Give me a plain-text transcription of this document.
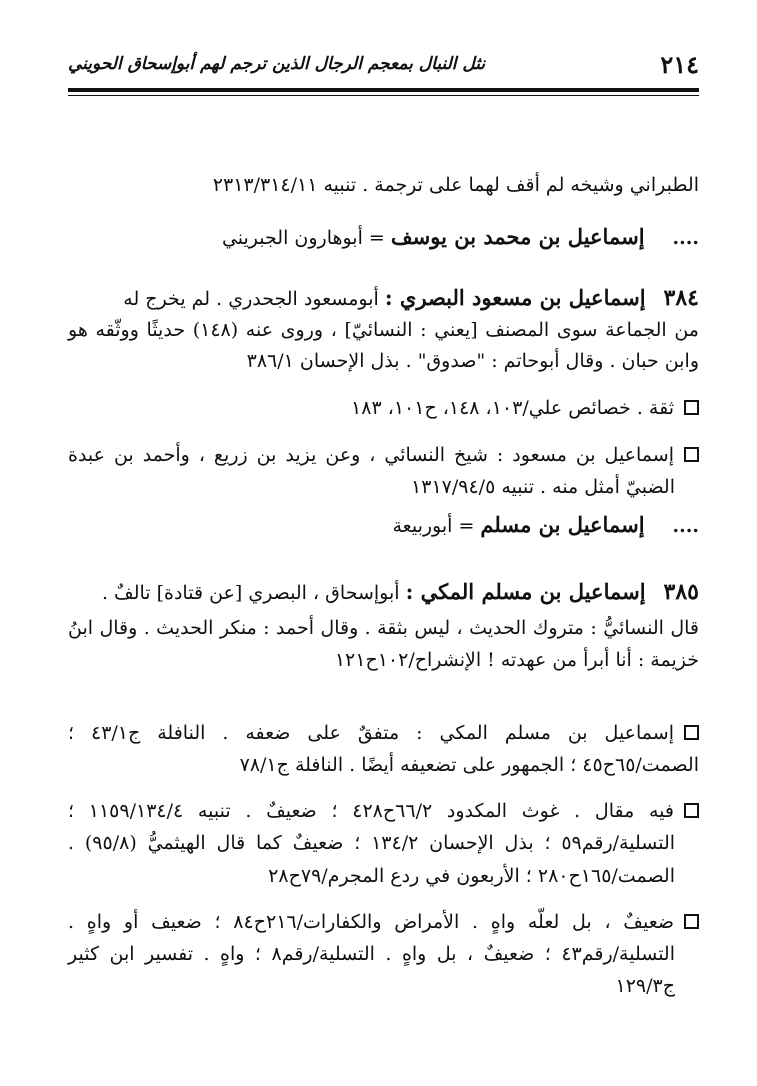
٢١٤
نثل النبال بمعجم الرجال الذين ترجم لهم أبوإسحاق الحويني
الطبراني وشيخه لم أقف لهما على ترجمة . تنبيه ٢٣١٣/٣١٤/١١
....إسماعيل بن محمد بن يوسف = أبوهارون الجبريني
٣٨٤إسماعيل بن مسعود البصري : أبومسعود الجحدري . لم يخرج له
من الجماعة سوى المصنف [يعني : النسائيّ] ، وروى عنه (١٤٨) حديثًا ووثّقه هو
وابن حبان . وقال أبوحاتم : "صدوق" . بذل الإحسان ٣٨٦/١
ثقة . خصائص علي/١٠٣، ١٤٨، ح١٠١، ١٨٣
إسماعيل بن مسعود : شيخ النسائي ، وعن يزيد بن زريع ، وأحمد بن عبدة
الضبيّ أمثل منه . تنبيه ١٣١٧/٩٤/٥
....إسماعيل بن مسلم = أبوربيعة
٣٨٥إسماعيل بن مسلم المكي : أبوإسحاق ، البصري [عن قتادة] تالفٌ .
قال النسائيُّ : متروك الحديث ، ليس بثقة . وقال أحمد : منكر الحديث . وقال ابنُ
خزيمة : أنا أبرأ من عهدته ! الإنشراح/١٠٢ح١٢١
إسماعيل بن مسلم المكي : متفقٌ على ضعفه . النافلة ج٤٣/١ ؛
الصمت/٦٥ح٤٥ ؛ الجمهور على تضعيفه أيضًا . النافلة ج٧٨/١
فيه مقال . غوث المكدود ٦٦/٢ح٤٢٨ ؛ ضعيفٌ . تنبيه ١١٥٩/١٣٤/٤ ؛
التسلية/رقم٥٩ ؛ بذل الإحسان ١٣٤/٢ ؛ ضعيفٌ كما قال الهيثميُّ (٩٥/٨) .
الصمت/١٦٥ح٢٨٠ ؛ الأربعون في ردع المجرم/٧٩ح٢٨
ضعيفٌ ، بل لعلّه واهٍ . الأمراض والكفارات/٢١٦ح٨٤ ؛ ضعيف أو واهٍ .
التسلية/رقم٤٣ ؛ ضعيفٌ ، بل واهٍ . التسلية/رقم٨ ؛ واهٍ . تفسير ابن كثير
ج١٢٩/٣
